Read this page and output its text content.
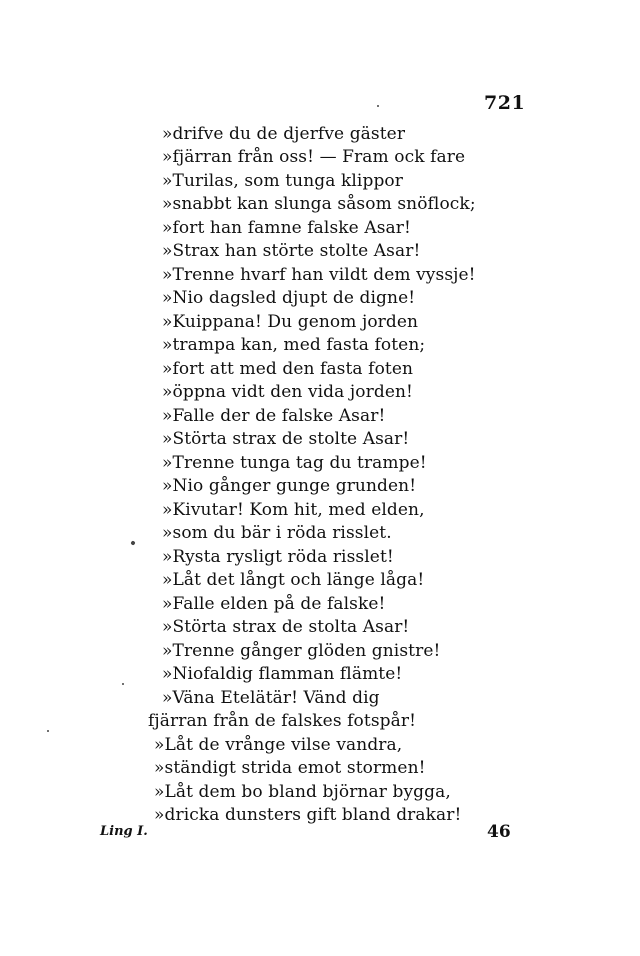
721
»drifve du de djerfve gäster
»fjärran från oss! — Fram ock fare
»Turilas, som tunga klippor
»snabbt kan slunga såsom snöflock;
»fort han famne falske Asar!
»Strax han störte stolte Asar!
»Trenne hvarf han vildt dem vyssje!
»Nio dagsled djupt de digne!
»Kuippana! Du genom jorden
»trampa kan, med fasta foten;
»fort att med den fasta foten
»öppna vidt den vida jorden!
»Falle der de falske Asar!
»Störta strax de stolte Asar!
»Trenne tunga tag du trampe!
»Nio gånger gunge grunden!
»Kivutar! Kom hit, med elden,
»som du bär i röda risslet.
»Rysta rysligt röda risslet!
»Låt det långt och länge låga!
»Falle elden på de falske!
»Störta strax de stolta Asar!
»Trenne gånger glöden gnistre!
»Niofaldig flamman flämte!
»Väna Etelätär! Vänd dig
fjärran från de falskes fotspår!
»Låt de vrånge vilse vandra,
»ständigt strida emot stormen!
»Låt dem bo bland björnar bygga,
»dricka dunsters gift bland drakar!
Ling I.	46
